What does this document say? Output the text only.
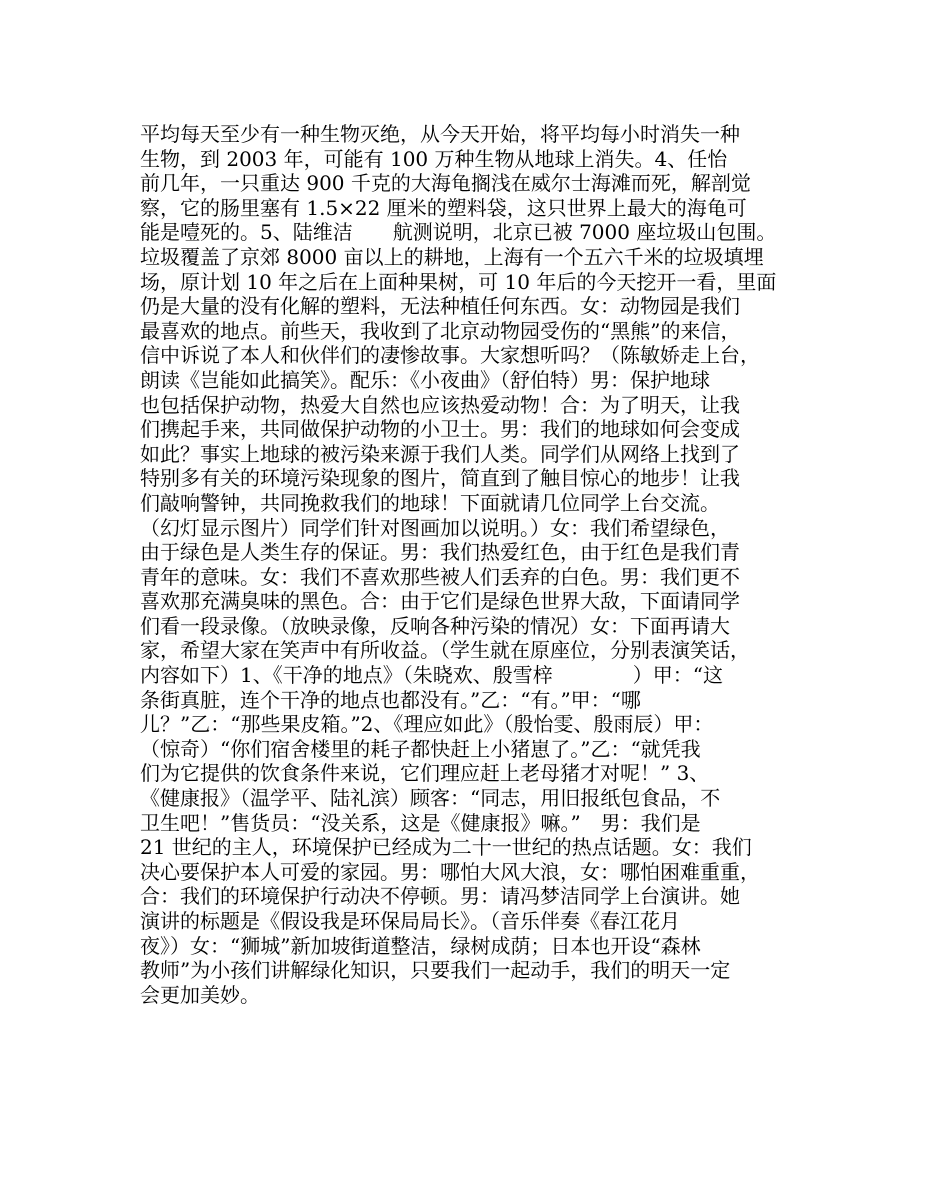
平均每天至少有一种生物灭绝，从今天开始，将平均每小时消失一种
生物，到 2003 年，可能有 100 万种生物从地球上消失。4、任怡
前几年，一只重达 900 千克的大海龟搁浅在威尔士海滩而死，解剖觉
察，它的肠里塞有 1.5×22 厘米的塑料袋，这只世界上最大的海龟可
能是噎死的。5、陆维洁　　航测说明，北京已被 7000 座垃圾山包围。
垃圾覆盖了京郊 8000 亩以上的耕地，上海有一个五六千米的垃圾填埋
场，原计划 10 年之后在上面种果树，可 10 年后的今天挖开一看，里面
仍是大量的没有化解的塑料，无法种植任何东西。女：动物园是我们
最喜欢的地点。前些天，我收到了北京动物园受伤的“黑熊”的来信，
信中诉说了本人和伙伴们的凄惨故事。大家想听吗？（陈敏娇走上台，
朗读《岂能如此搞笑》。配乐：《小夜曲》（舒伯特）男：保护地球
也包括保护动物，热爱大自然也应该热爱动物！合：为了明天，让我
们携起手来，共同做保护动物的小卫士。男：我们的地球如何会变成
如此？事实上地球的被污染来源于我们人类。同学们从网络上找到了
特别多有关的环境污染现象的图片，简直到了触目惊心的地步！让我
们敲响警钟，共同挽救我们的地球！下面就请几位同学上台交流。
（幻灯显示图片）同学们针对图画加以说明。）女：我们希望绿色，
由于绿色是人类生存的保证。男：我们热爱红色，由于红色是我们青
青年的意味。女：我们不喜欢那些被人们丢弃的白色。男：我们更不
喜欢那充满臭味的黑色。合：由于它们是绿色世界大敌，下面请同学
们看一段录像。（放映录像，反响各种污染的情况）女：下面再请大
家，希望大家在笑声中有所收益。（学生就在原座位，分别表演笑话，
内容如下）1、《干净的地点》（朱晓欢、殷雪梓　　　　）甲：“这
条街真脏，连个干净的地点也都没有。”乙：“有。”甲：“哪
儿？”乙：“那些果皮箱。”2、《理应如此》（殷怡雯、殷雨辰）甲：
（惊奇）“你们宿舍楼里的耗子都快赶上小猪崽了。”乙：“就凭我
们为它提供的饮食条件来说，它们理应赶上老母猪才对呢！” 3、
《健康报》（温学平、陆礼滨）顾客：“同志，用旧报纸包食品，不
卫生吧！”售货员：“没关系，这是《健康报》嘛。”　男：我们是
21 世纪的主人，环境保护已经成为二十一世纪的热点话题。女：我们
决心要保护本人可爱的家园。男：哪怕大风大浪，女：哪怕困难重重，
合：我们的环境保护行动决不停顿。男：请冯梦洁同学上台演讲。她
演讲的标题是《假设我是环保局局长》。（音乐伴奏《春江花月
夜》）女：“狮城”新加坡街道整洁，绿树成荫；日本也开设“森林
教师”为小孩们讲解绿化知识，只要我们一起动手，我们的明天一定
会更加美妙。
